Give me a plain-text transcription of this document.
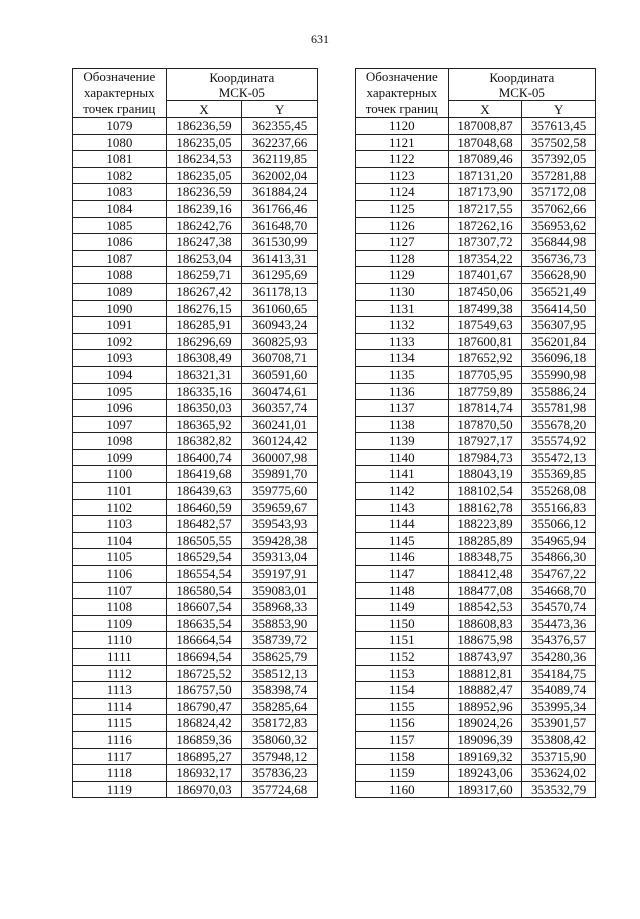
631
Обозначение
характерных
точек границ	Координата
МСК-05	
	X	Y
1079	186236,59	362355,45
1080	186235,05	362237,66
1081	186234,53	362119,85
1082	186235,05	362002,04
1083	186236,59	361884,24
1084	186239,16	361766,46
1085	186242,76	361648,70
1086	186247,38	361530,99
1087	186253,04	361413,31
1088	186259,71	361295,69
1089	186267,42	361178,13
1090	186276,15	361060,65
1091	186285,91	360943,24
1092	186296,69	360825,93
1093	186308,49	360708,71
1094	186321,31	360591,60
1095	186335,16	360474,61
1096	186350,03	360357,74
1097	186365,92	360241,01
1098	186382,82	360124,42
1099	186400,74	360007,98
1100	186419,68	359891,70
1101	186439,63	359775,60
1102	186460,59	359659,67
1103	186482,57	359543,93
1104	186505,55	359428,38
1105	186529,54	359313,04
1106	186554,54	359197,91
1107	186580,54	359083,01
1108	186607,54	358968,33
1109	186635,54	358853,90
1110	186664,54	358739,72
1111	186694,54	358625,79
1112	186725,52	358512,13
1113	186757,50	358398,74
1114	186790,47	358285,64
1115	186824,42	358172,83
1116	186859,36	358060,32
1117	186895,27	357948,12
1118	186932,17	357836,23
1119	186970,03	357724,68
Обозначение
характерных
точек границ	Координата
МСК-05	
	X	Y
1120	187008,87	357613,45
1121	187048,68	357502,58
1122	187089,46	357392,05
1123	187131,20	357281,88
1124	187173,90	357172,08
1125	187217,55	357062,66
1126	187262,16	356953,62
1127	187307,72	356844,98
1128	187354,22	356736,73
1129	187401,67	356628,90
1130	187450,06	356521,49
1131	187499,38	356414,50
1132	187549,63	356307,95
1133	187600,81	356201,84
1134	187652,92	356096,18
1135	187705,95	355990,98
1136	187759,89	355886,24
1137	187814,74	355781,98
1138	187870,50	355678,20
1139	187927,17	355574,92
1140	187984,73	355472,13
1141	188043,19	355369,85
1142	188102,54	355268,08
1143	188162,78	355166,83
1144	188223,89	355066,12
1145	188285,89	354965,94
1146	188348,75	354866,30
1147	188412,48	354767,22
1148	188477,08	354668,70
1149	188542,53	354570,74
1150	188608,83	354473,36
1151	188675,98	354376,57
1152	188743,97	354280,36
1153	188812,81	354184,75
1154	188882,47	354089,74
1155	188952,96	353995,34
1156	189024,26	353901,57
1157	189096,39	353808,42
1158	189169,32	353715,90
1159	189243,06	353624,02
1160	189317,60	353532,79
